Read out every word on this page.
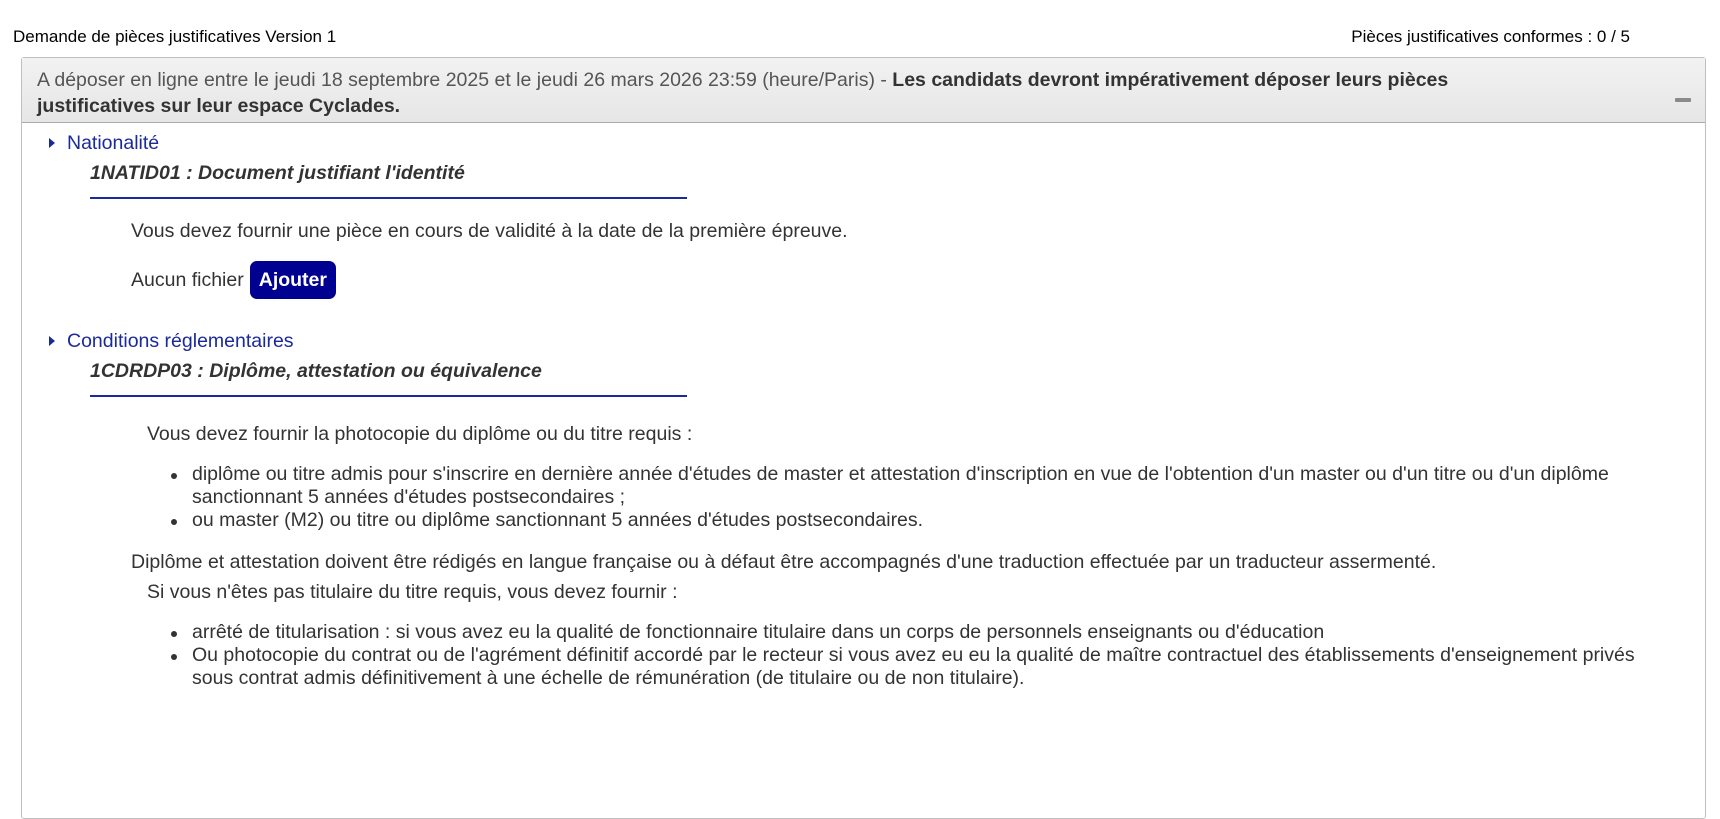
Demande de pièces justificatives Version 1	Pièces justificatives conformes : 0 / 5
A déposer en ligne entre le jeudi 18 septembre 2025 et le jeudi 26 mars 2026 23:59 (heure/Paris) - Les candidats devront impérativement déposer leurs pièces justificatives sur leur espace Cyclades.
Nationalité
1NATID01 : Document justifiant l'identité
Vous devez fournir une pièce en cours de validité à la date de la première épreuve.
Aucun fichier Ajouter
Conditions réglementaires
1CDRDP03 : Diplôme, attestation ou équivalence
Vous devez fournir la photocopie du diplôme ou du titre requis :
diplôme ou titre admis pour s'inscrire en dernière année d'études de master et attestation d'inscription en vue de l'obtention d'un master ou d'un titre ou d'un diplôme sanctionnant 5 années d'études postsecondaires ;
ou master (M2) ou titre ou diplôme sanctionnant 5 années d'études postsecondaires.
Diplôme et attestation doivent être rédigés en langue française ou à défaut être accompagnés d'une traduction effectuée par un traducteur assermenté.
Si vous n'êtes pas titulaire du titre requis, vous devez fournir :
arrêté de titularisation : si vous avez eu la qualité de fonctionnaire titulaire dans un corps de personnels enseignants ou d'éducation
Ou photocopie du contrat ou de l'agrément définitif accordé par le recteur si vous avez eu eu la qualité de maître contractuel des établissements d'enseignement privés sous contrat admis définitivement à une échelle de rémunération (de titulaire ou de non titulaire).
